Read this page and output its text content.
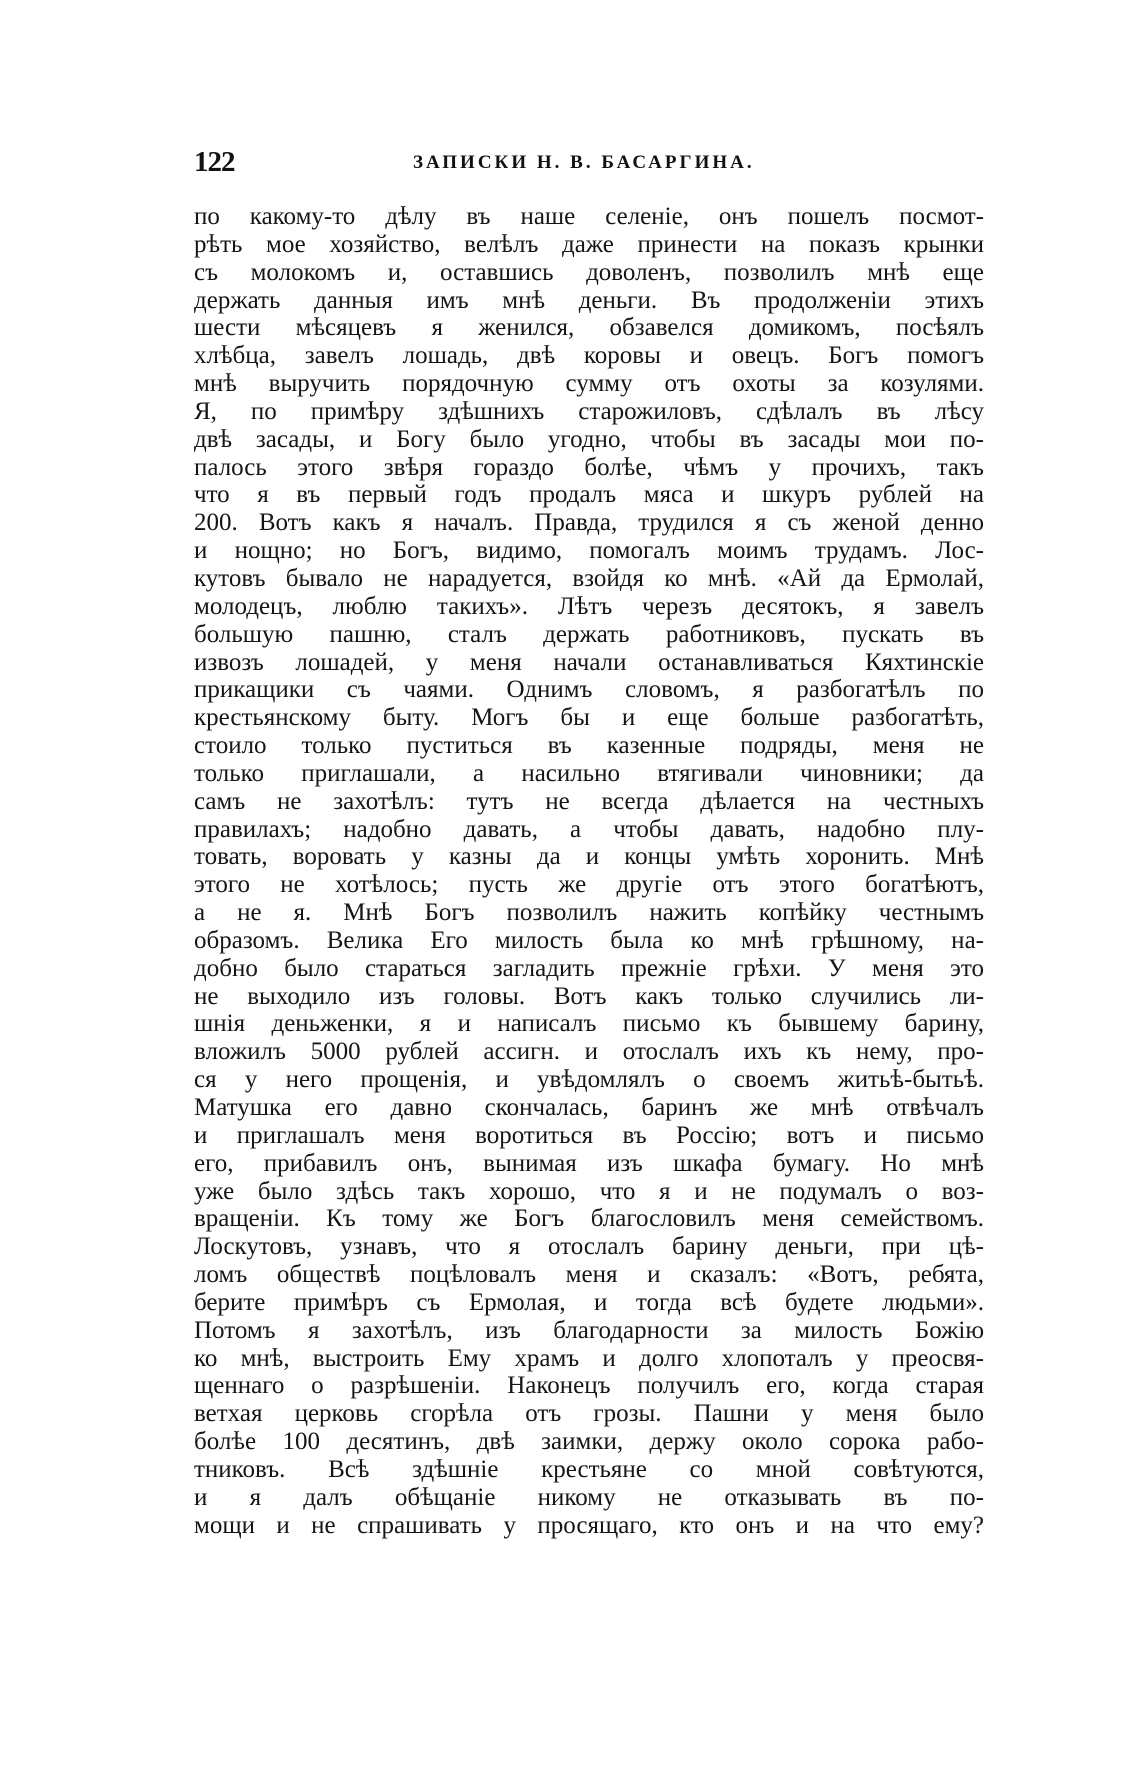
122	ЗАПИСКИ Н. В. БАСАРГИНА.
по какому-то дѣлу въ наше селеніе, онъ пошелъ посмот-
рѣть мое хозяйство, велѣлъ даже принести на показъ крынки
съ молокомъ и, оставшись доволенъ, позволилъ мнѣ еще
держать данныя имъ мнѣ деньги. Въ продолженіи этихъ
шести мѣсяцевъ я женился, обзавелся домикомъ, посѣялъ
хлѣбца, завелъ лошадь, двѣ коровы и овецъ. Богъ помогъ
мнѣ выручить порядочную сумму отъ охоты за козулями.
Я, по примѣру здѣшнихъ старожиловъ, сдѣлалъ въ лѣсу
двѣ засады, и Богу было угодно, чтобы въ засады мои по-
палось этого звѣря гораздо болѣе, чѣмъ у прочихъ, такъ
что я въ первый годъ продалъ мяса и шкуръ рублей на
200. Вотъ какъ я началъ. Правда, трудился я съ женой денно
и нощно; но Богъ, видимо, помогалъ моимъ трудамъ. Лос-
кутовъ бывало не нарадуется, взойдя ко мнѣ. «Ай да Ермолай,
молодецъ, люблю такихъ». Лѣтъ черезъ десятокъ, я завелъ
большую пашню, сталъ держать работниковъ, пускать въ
извозъ лошадей, у меня начали останавливаться Кяхтинскіе
прикащики съ чаями. Однимъ словомъ, я разбогатѣлъ по
крестьянскому быту. Могъ бы и еще больше разбогатѣть,
стоило только пуститься въ казенные подряды, меня не
только приглашали, а насильно втягивали чиновники; да
самъ не захотѣлъ: тутъ не всегда дѣлается на честныхъ
правилахъ; надобно давать, а чтобы давать, надобно плу-
товать, воровать у казны да и концы умѣть хоронить. Мнѣ
этого не хотѣлось; пусть же другіе отъ этого богатѣютъ,
а не я. Мнѣ Богъ позволилъ нажить копѣйку честнымъ
образомъ. Велика Его милость была ко мнѣ грѣшному, на-
добно было стараться загладить прежніе грѣхи. У меня это
не выходило изъ головы. Вотъ какъ только случились ли-
шнія деньженки, я и написалъ письмо къ бывшему барину,
вложилъ 5000 рублей ассигн. и отослалъ ихъ къ нему, про-
ся у него прощенія, и увѣдомлялъ о своемъ житьѣ-бытьѣ.
Матушка его давно скончалась, баринъ же мнѣ отвѣчалъ
и приглашалъ меня воротиться въ Россію; вотъ и письмо
его, прибавилъ онъ, вынимая изъ шкафа бумагу. Но мнѣ
уже было здѣсь такъ хорошо, что я и не подумалъ о воз-
вращеніи. Къ тому же Богъ благословилъ меня семействомъ.
Лоскутовъ, узнавъ, что я отослалъ барину деньги, при цѣ-
ломъ обществѣ поцѣловалъ меня и сказалъ: «Вотъ, ребята,
берите примѣръ съ Ермолая, и тогда всѣ будете людьми».
Потомъ я захотѣлъ, изъ благодарности за милость Божію
ко мнѣ, выстроить Ему храмъ и долго хлопоталъ у преосвя-
щеннаго о разрѣшеніи. Наконецъ получилъ его, когда старая
ветхая церковь сгорѣла отъ грозы. Пашни у меня было
болѣе 100 десятинъ, двѣ заимки, держу около сорока рабо-
тниковъ. Всѣ здѣшніе крестьяне со мной совѣтуются,
и я далъ обѣщаніе никому не отказывать въ по-
мощи и не спрашивать у просящаго, кто онъ и на что ему?
